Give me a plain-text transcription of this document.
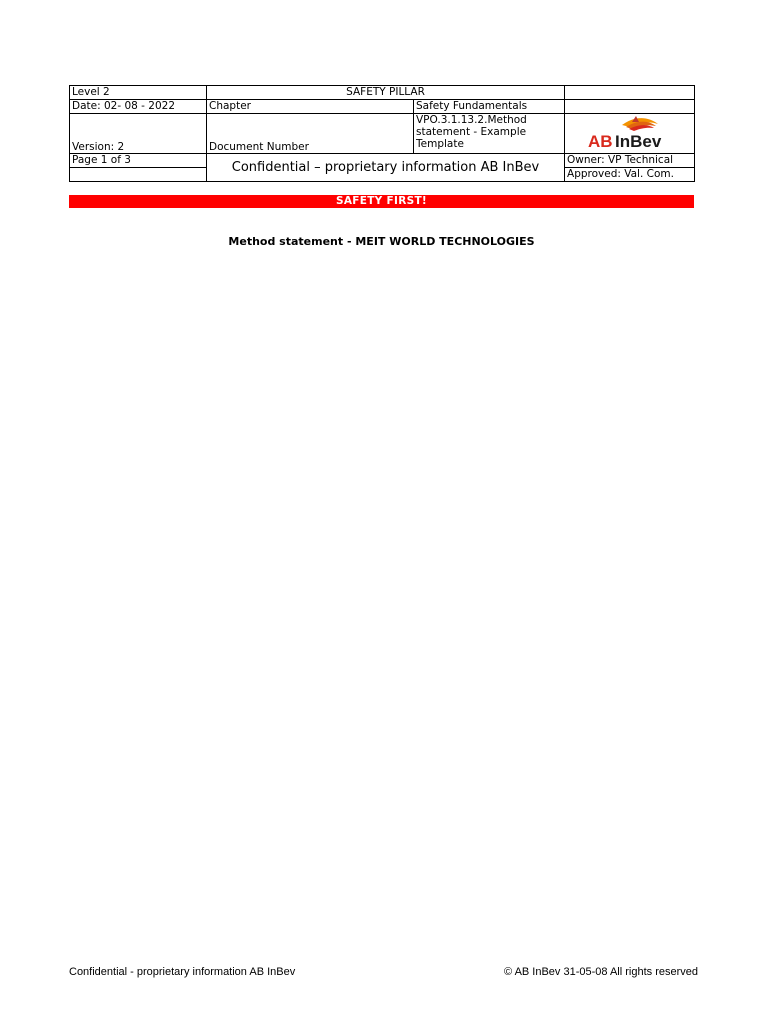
Level 2	SAFETY PILLAR		
Date: 02- 08 - 2022	Chapter	Safety Fundamentals	
Version: 2	Document Number	VPO.3.1.13.2.Method statement - Example Template	AB InBev

Page 1 of 3	Confidential – proprietary information AB InBev		Owner: VP Technical
			Approved: Val. Com.
SAFETY FIRST!
Method statement - MEIT WORLD TECHNOLOGIES
Confidential - proprietary information AB InBev	© AB InBev 31-05-08 All rights reserved
